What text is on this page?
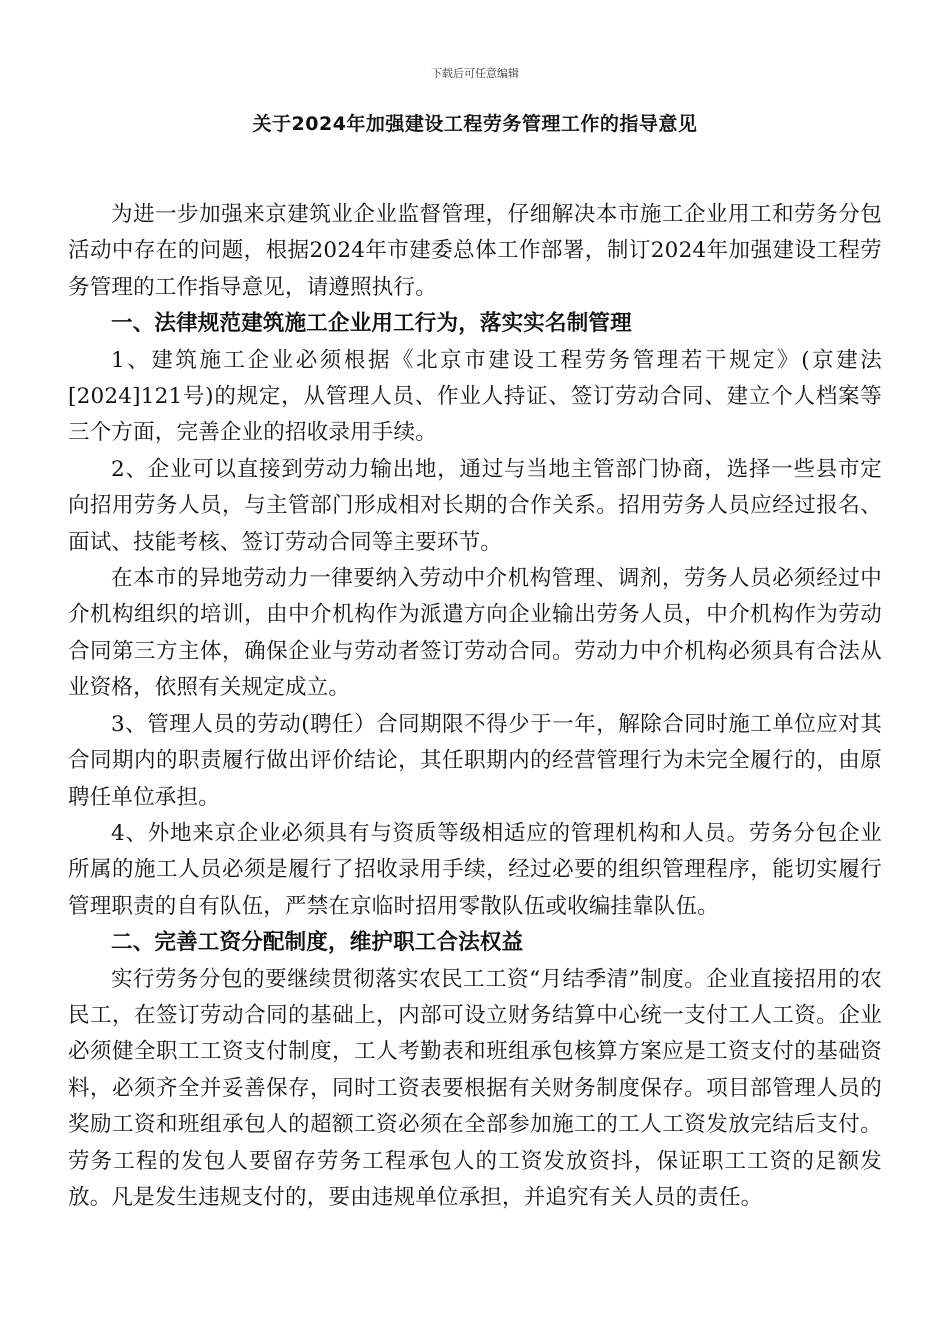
下载后可任意编辑
关于2024年加强建设工程劳务管理工作的指导意见

为进一步加强来京建筑业企业监督管理，仔细解决本市施工企业用工和劳务分包活动中存在的问题，根据2024年市建委总体工作部署，制订2024年加强建设工程劳务管理的工作指导意见，请遵照执行。

一、法律规范建筑施工企业用工行为，落实实名制管理

1、建筑施工企业必须根据《北京市建设工程劳务管理若干规定》(京建法[2024]121号)的规定，从管理人员、作业人持证、签订劳动合同、建立个人档案等三个方面，完善企业的招收录用手续。

2、企业可以直接到劳动力输出地，通过与当地主管部门协商，选择一些县市定向招用劳务人员，与主管部门形成相对长期的合作关系。招用劳务人员应经过报名、面试、技能考核、签订劳动合同等主要环节。

在本市的异地劳动力一律要纳入劳动中介机构管理、调剂，劳务人员必须经过中介机构组织的培训，由中介机构作为派遣方向企业输出劳务人员，中介机构作为劳动合同第三方主体，确保企业与劳动者签订劳动合同。劳动力中介机构必须具有合法从业资格，依照有关规定成立。

3、管理人员的劳动(聘任）合同期限不得少于一年，解除合同时施工单位应对其合同期内的职责履行做出评价结论，其任职期内的经营管理行为未完全履行的，由原聘任单位承担。

4、外地来京企业必须具有与资质等级相适应的管理机构和人员。劳务分包企业所属的施工人员必须是履行了招收录用手续，经过必要的组织管理程序，能切实履行管理职责的自有队伍，严禁在京临时招用零散队伍或收编挂靠队伍。

二、完善工资分配制度，维护职工合法权益

实行劳务分包的要继续贯彻落实农民工工资“月结季清”制度。企业直接招用的农民工，在签订劳动合同的基础上，内部可设立财务结算中心统一支付工人工资。企业必须健全职工工资支付制度，工人考勤表和班组承包核算方案应是工资支付的基础资料，必须齐全并妥善保存，同时工资表要根据有关财务制度保存。项目部管理人员的奖励工资和班组承包人的超额工资必须在全部参加施工的工人工资发放完结后支付。劳务工程的发包人要留存劳务工程承包人的工资发放资抖，保证职工工资的足额发放。凡是发生违规支付的，要由违规单位承担，并追究有关人员的责任。
